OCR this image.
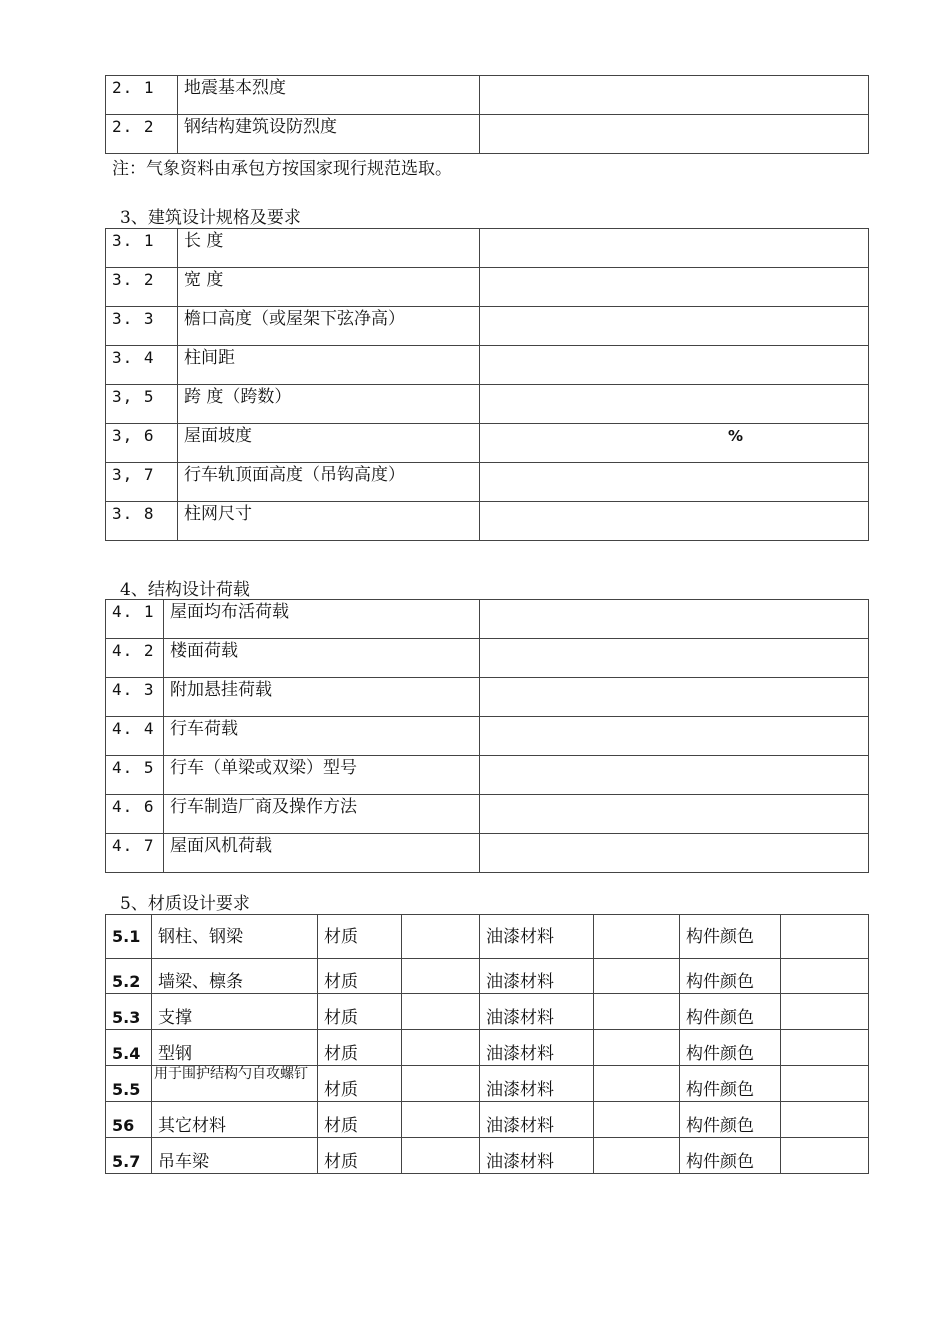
2. 1	地震基本烈度	
2. 2	钢结构建筑设防烈度	
注：气象资料由承包方按国家现行规范选取。
3、建筑设计规格及要求
3. 1	长 度	
3. 2	宽 度	
3. 3	檐口高度（或屋架下弦净高）	
3. 4	柱间距	
3, 5	跨 度（跨数）	
3, 6	屋面坡度	%
3, 7	行车轨顶面高度（吊钩高度）	
3. 8	柱网尺寸	
4、结构设计荷载
4. 1	屋面均布活荷载	
4. 2	楼面荷载	
4. 3	附加悬挂荷载	
4. 4	行车荷载	
4. 5	行车（单梁或双梁）型号	
4. 6	行车制造厂商及操作方法	
4. 7	屋面风机荷载	
5、材质设计要求
5.1	钢柱、钢梁	材质		油漆材料		构件颜色	
5.2	墙梁、檩条	材质		油漆材料		构件颜色	
5.3	支撑	材质		油漆材料		构件颜色	
5.4	型钢	材质		油漆材料		构件颜色	
5.5	用于围护结构勺自攻螺钉	材质		油漆材料		构件颜色	
56	其它材料	材质		油漆材料		构件颜色	
5.7	吊车梁	材质		油漆材料		构件颜色	
